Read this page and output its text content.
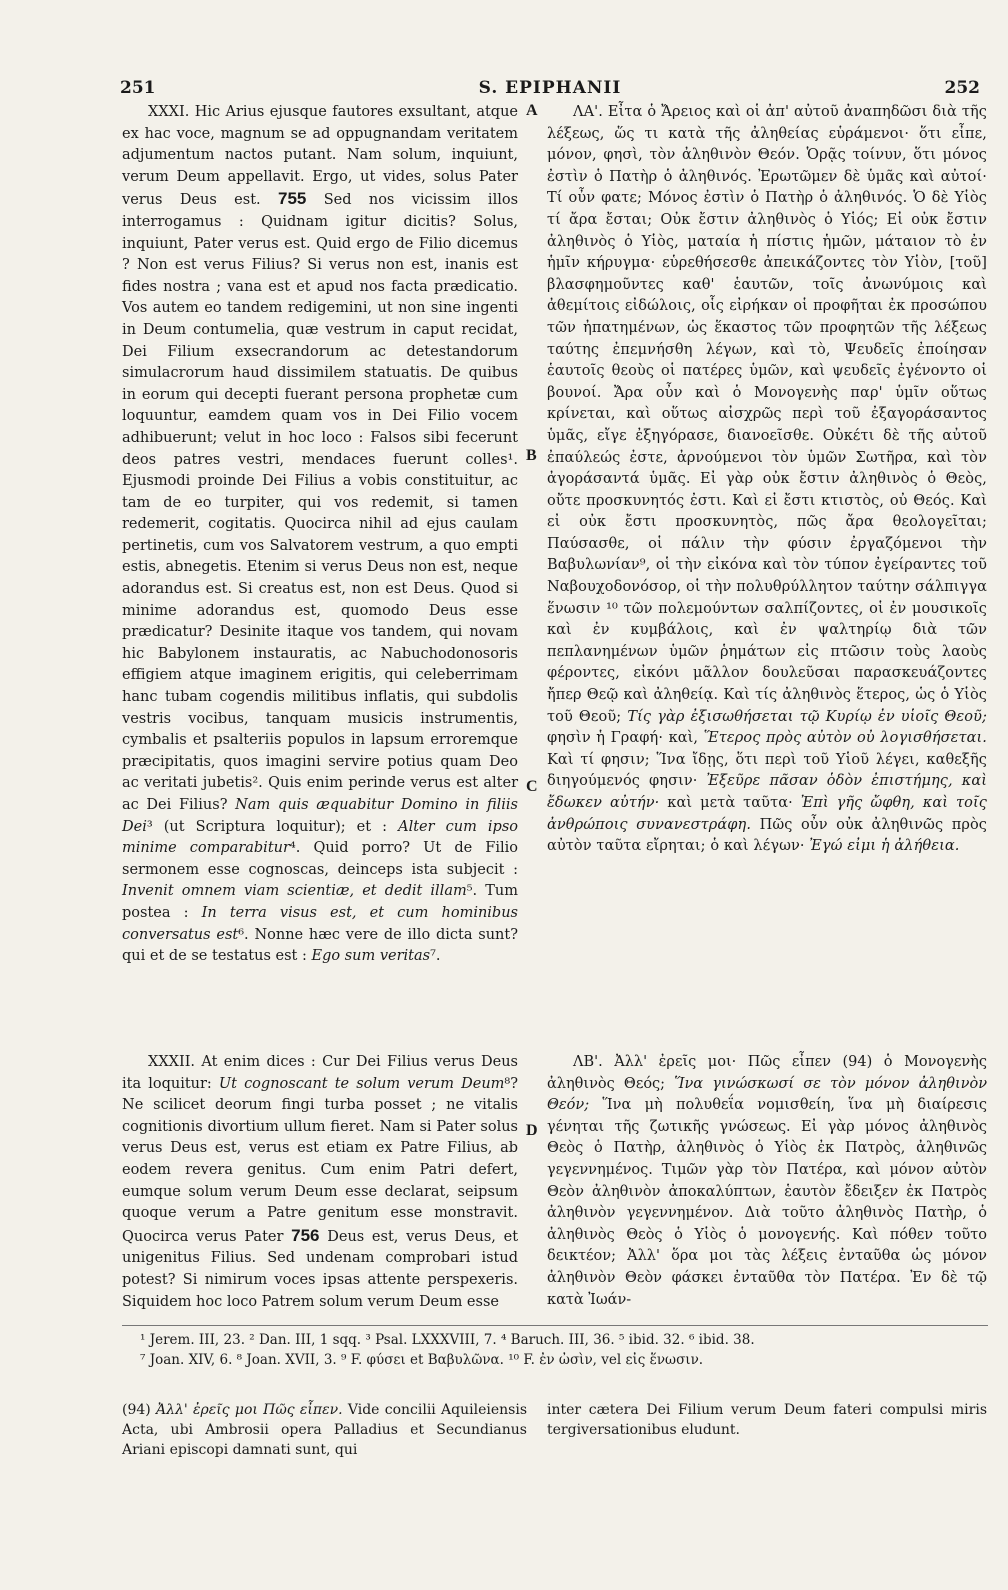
251	S. EPIPHANII	252
A
B
C
D

XXXI. Hic Arius ejusque fautores exsultant, atque ex hac voce, magnum se ad oppugnandam veritatem adjumentum nactos putant. Nam solum, inquiunt, verum Deum appellavit. Ergo, ut vides, solus Pater verus Deus est. 755 Sed nos vicissim illos interrogamus : Quidnam igitur dicitis? Solus, inquiunt, Pater verus est. Quid ergo de Filio dicemus ? Non est verus Filius? Si verus non est, inanis est fides nostra ; vana est et apud nos facta prædicatio. Vos autem eo tandem redigemini, ut non sine ingenti in Deum contumelia, quæ vestrum in caput recidat, Dei Filium exsecrandorum ac detestandorum simulacrorum haud dissimilem statuatis. De quibus in eorum qui decepti fuerant persona prophetæ cum loquuntur, eamdem quam vos in Dei Filio vocem adhibuerunt; velut in hoc loco : Falsos sibi fecerunt deos patres vestri, mendaces fuerunt colles¹. Ejusmodi proinde Dei Filius a vobis constituitur, ac tam de eo turpiter, qui vos redemit, si tamen redemerit, cogitatis. Quocirca nihil ad ejus caulam pertinetis, cum vos Salvatorem vestrum, a quo empti estis, abnegetis. Etenim si verus Deus non est, neque adorandus est. Si creatus est, non est Deus. Quod si minime adorandus est, quomodo Deus esse prædicatur? Desinite itaque vos tandem, qui novam hic Babylonem instauratis, ac Nabuchodonosoris effigiem atque imaginem erigitis, qui celeberrimam hanc tubam cogendis militibus inflatis, qui subdolis vestris vocibus, tanquam musicis instrumentis, cymbalis et psalteriis populos in lapsum erroremque præcipitatis, quos imagini servire potius quam Deo ac veritati jubetis². Quis enim perinde verus est alter ac Dei Filius? Nam quis æquabitur Domino in filiis Dei³ (ut Scriptura loquitur); et : Alter cum ipso minime comparabitur⁴. Quid porro? Ut de Filio sermonem esse cognoscas, deinceps ista subjecit : Invenit omnem viam scientiæ, et dedit illam⁵. Tum postea : In terra visus est, et cum hominibus conversatus est⁶. Nonne hæc vere de illo dicta sunt? qui et de se testatus est : Ego sum veritas⁷.

XXXII. At enim dices : Cur Dei Filius verus Deus ita loquitur: Ut cognoscant te solum verum Deum⁸? Ne scilicet deorum fingi turba posset ; ne vitalis cognitionis divortium ullum fieret. Nam si Pater solus verus Deus est, verus est etiam ex Patre Filius, ab eodem revera genitus. Cum enim Patri defert, eumque solum verum Deum esse declarat, seipsum quoque verum a Patre genitum esse monstravit. Quocirca verus Pater 756 Deus est, verus Deus, et unigenitus Filius. Sed undenam comprobari istud potest? Si nimirum voces ipsas attente perspexeris. Siquidem hoc loco Patrem solum verum Deum esse

ΛΑ'. Εἶτα ὁ Ἄρειος καὶ οἱ ἀπ' αὐτοῦ ἀναπηδῶσι διὰ τῆς λέξεως, ὥς τι κατὰ τῆς ἀληθείας εὑράμενοι· ὅτι εἶπε, μόνον, φησὶ, τὸν ἀληθινὸν Θεόν. Ὁρᾷς τοίνυν, ὅτι μόνος ἐστὶν ὁ Πατὴρ ὁ ἀληθινός. Ἐρωτῶμεν δὲ ὑμᾶς καὶ αὐτοί· Τί οὖν φατε; Μόνος ἐστὶν ὁ Πατὴρ ὁ ἀληθινός. Ὁ δὲ Υἱὸς τί ἄρα ἔσται; Οὐκ ἔστιν ἀληθινὸς ὁ Υἱός; Εἰ οὐκ ἔστιν ἀληθινὸς ὁ Υἱὸς, ματαία ἡ πίστις ἡμῶν, μάταιον τὸ ἐν ἡμῖν κήρυγμα· εὑρεθήσεσθε ἀπεικάζοντες τὸν Υἱὸν, [τοῦ] βλασφημοῦντες καθ' ἑαυτῶν, τοῖς ἀνωνύμοις καὶ ἀθεμίτοις εἰδώλοις, οἷς εἰρήκαν οἱ προφῆται ἐκ προσώπου τῶν ἠπατημένων, ὡς ἕκαστος τῶν προφητῶν τῆς λέξεως ταύτης ἐπεμνήσθη λέγων, καὶ τὸ, Ψευδεῖς ἐποίησαν ἑαυτοῖς θεοὺς οἱ πατέρες ὑμῶν, καὶ ψευδεῖς ἐγένοντο οἱ βουνοί. Ἄρα οὖν καὶ ὁ Μονογενὴς παρ' ὑμῖν οὕτως κρίνεται, καὶ οὕτως αἰσχρῶς περὶ τοῦ ἐξαγοράσαντος ὑμᾶς, εἴγε ἐξηγόρασε, διανοεῖσθε. Οὐκέτι δὲ τῆς αὐτοῦ ἐπαύλεώς ἐστε, ἀρνούμενοι τὸν ὑμῶν Σωτῆρα, καὶ τὸν ἀγοράσαντά ὑμᾶς. Εἰ γὰρ οὐκ ἔστιν ἀληθινὸς ὁ Θεὸς, οὔτε προσκυνητός ἐστι. Καὶ εἰ ἔστι κτιστὸς, οὐ Θεός. Καὶ εἰ οὐκ ἔστι προσκυνητὸς, πῶς ἄρα θεολογεῖται; Παύσασθε, οἱ πάλιν τὴν φύσιν ἐργαζόμενοι τὴν Βαβυλωνίαν⁹, οἱ τὴν εἰκόνα καὶ τὸν τύπον ἐγείραντες τοῦ Ναβουχοδονόσορ, οἱ τὴν πολυθρύλλητον ταύτην σάλπιγγα ἕνωσιν ¹⁰ τῶν πολεμούντων σαλπίζοντες, οἱ ἐν μουσικοῖς καὶ ἐν κυμβάλοις, καὶ ἐν ψαλτηρίῳ διὰ τῶν πεπλανημένων ὑμῶν ῥημάτων εἰς πτῶσιν τοὺς λαοὺς φέροντες, εἰκόνι μᾶλλον δουλεῦσαι παρασκευάζοντες ἤπερ Θεῷ καὶ ἀληθείᾳ. Καὶ τίς ἀληθινὸς ἕτερος, ὡς ὁ Υἱὸς τοῦ Θεοῦ; Τίς γὰρ ἐξισωθήσεται τῷ Κυρίῳ ἐν υἱοῖς Θεοῦ; φησὶν ἡ Γραφή· καὶ, Ἕτερος πρὸς αὐτὸν οὐ λογισθήσεται. Καὶ τί φησιν; Ἵνα ἴδῃς, ὅτι περὶ τοῦ Υἱοῦ λέγει, καθεξῆς διηγούμενός φησιν· Ἐξεῦρε πᾶσαν ὁδὸν ἐπιστήμης, καὶ ἔδωκεν αὐτήν· καὶ μετὰ ταῦτα· Ἐπὶ γῆς ὤφθη, καὶ τοῖς ἀνθρώποις συνανεστράφη. Πῶς οὖν οὐκ ἀληθινῶς πρὸς αὐτὸν ταῦτα εἴρηται; ὁ καὶ λέγων· Ἐγώ εἰμι ἡ ἀλήθεια.

ΛΒ'. Ἀλλ' ἐρεῖς μοι· Πῶς εἶπεν (94) ὁ Μονογενὴς ἀληθινὸς Θεός; Ἵνα γινώσκωσί σε τὸν μόνον ἀληθινὸν Θεόν; Ἵνα μὴ πολυθεΐα νομισθείη, ἵνα μὴ διαίρεσις γένηται τῆς ζωτικῆς γνώσεως. Εἰ γὰρ μόνος ἀληθινὸς Θεὸς ὁ Πατὴρ, ἀληθινὸς ὁ Υἱὸς ἐκ Πατρὸς, ἀληθινῶς γεγεννημένος. Τιμῶν γὰρ τὸν Πατέρα, καὶ μόνον αὐτὸν Θεὸν ἀληθινὸν ἀποκαλύπτων, ἑαυτὸν ἔδειξεν ἐκ Πατρὸς ἀληθινὸν γεγεννημένον. Διὰ τοῦτο ἀληθινὸς Πατὴρ, ὁ ἀληθινὸς Θεὸς ὁ Υἱὸς ὁ μονογενής. Καὶ πόθεν τοῦτο δεικτέον; Ἀλλ' ὅρα μοι τὰς λέξεις ἐνταῦθα ὡς μόνον ἀληθινὸν Θεὸν φάσκει ἐνταῦθα τὸν Πατέρα. Ἐν δὲ τῷ κατὰ Ἰωάν-

¹ Jerem. III, 23. ² Dan. III, 1 sqq. ³ Psal. LXXXVIII, 7. ⁴ Baruch. III, 36. ⁵ ibid. 32. ⁶ ibid. 38.

⁷ Joan. XIV, 6. ⁸ Joan. XVII, 3. ⁹ F. φύσει et Βαβυλῶνα. ¹⁰ F. ἐν ὠσὶν, vel εἰς ἕνωσιν.

(94) Ἀλλ' ἐρεῖς μοι Πῶς εἶπεν. Vide concilii Aquileiensis Acta, ubi Ambrosii opera Palladius et Secundianus Ariani episcopi damnati sunt, qui
inter cætera Dei Filium verum Deum fateri compulsi miris tergiversationibus eludunt.
